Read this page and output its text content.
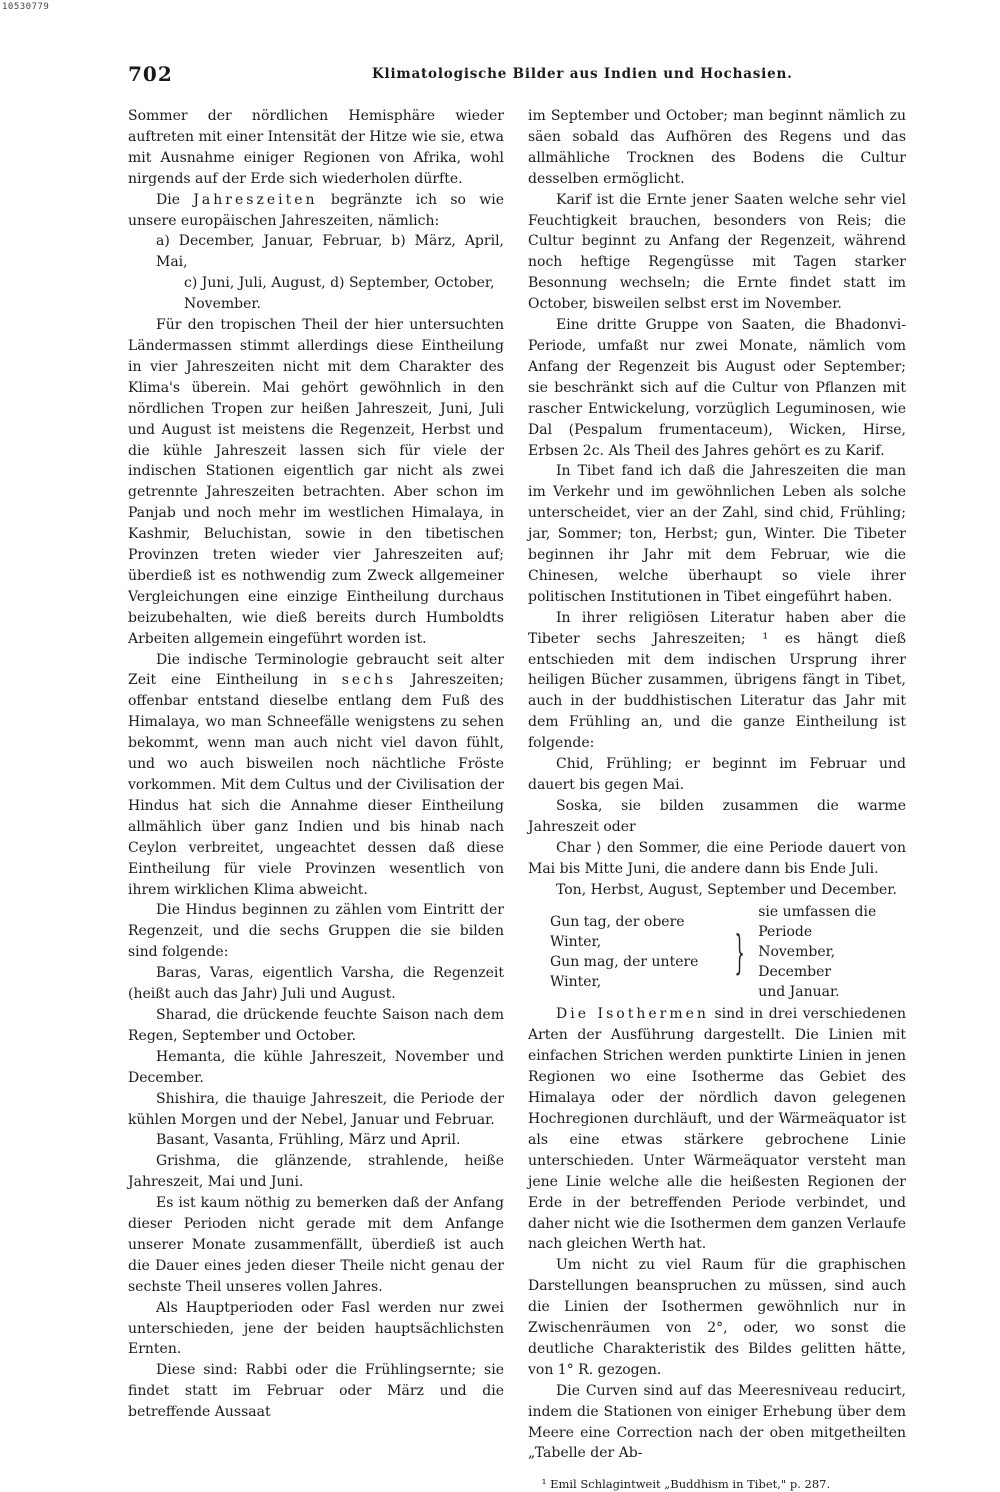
10530779
702	Klimatologische Bilder aus Indien und Hochasien.

Sommer der nördlichen Hemisphäre wieder auftreten mit einer Intensität der Hitze wie sie, etwa mit Ausnahme einiger Regionen von Afrika, wohl nirgends auf der Erde sich wiederholen dürfte.

Die Jahreszeiten begränzte ich so wie unsere europäischen Jahreszeiten, nämlich:

a) December, Januar, Februar, b) März, April, Mai,

c) Juni, Juli, August, d) September, October, November.

Für den tropischen Theil der hier untersuchten Ländermassen stimmt allerdings diese Eintheilung in vier Jahreszeiten nicht mit dem Charakter des Klima's überein. Mai gehört gewöhnlich in den nördlichen Tropen zur heißen Jahreszeit, Juni, Juli und August ist meistens die Regenzeit, Herbst und die kühle Jahreszeit lassen sich für viele der indischen Stationen eigentlich gar nicht als zwei getrennte Jahreszeiten betrachten. Aber schon im Panjab und noch mehr im westlichen Himalaya, in Kashmir, Beluchistan, sowie in den tibetischen Provinzen treten wieder vier Jahreszeiten auf; überdieß ist es nothwendig zum Zweck allgemeiner Vergleichungen eine einzige Eintheilung durchaus beizubehalten, wie dieß bereits durch Humboldts Arbeiten allgemein eingeführt worden ist.

Die indische Terminologie gebraucht seit alter Zeit eine Eintheilung in sechs Jahreszeiten; offenbar entstand dieselbe entlang dem Fuß des Himalaya, wo man Schneefälle wenigstens zu sehen bekommt, wenn man auch nicht viel davon fühlt, und wo auch bisweilen noch nächtliche Fröste vorkommen. Mit dem Cultus und der Civilisation der Hindus hat sich die Annahme dieser Eintheilung allmählich über ganz Indien und bis hinab nach Ceylon verbreitet, ungeachtet dessen daß diese Eintheilung für viele Provinzen wesentlich von ihrem wirklichen Klima abweicht.

Die Hindus beginnen zu zählen vom Eintritt der Regenzeit, und die sechs Gruppen die sie bilden sind folgende:

Baras, Varas, eigentlich Varsha, die Regenzeit (heißt auch das Jahr) Juli und August.

Sharad, die drückende feuchte Saison nach dem Regen, September und October.

Hemanta, die kühle Jahreszeit, November und December.

Shishira, die thauige Jahreszeit, die Periode der kühlen Morgen und der Nebel, Januar und Februar.

Basant, Vasanta, Frühling, März und April.

Grishma, die glänzende, strahlende, heiße Jahreszeit, Mai und Juni.

Es ist kaum nöthig zu bemerken daß der Anfang dieser Perioden nicht gerade mit dem Anfange unserer Monate zusammenfällt, überdieß ist auch die Dauer eines jeden dieser Theile nicht genau der sechste Theil unseres vollen Jahres.

Als Hauptperioden oder Fasl werden nur zwei unterschieden, jene der beiden hauptsächlichsten Ernten.

Diese sind: Rabbi oder die Frühlingsernte; sie findet statt im Februar oder März und die betreffende Aussaat

im September und October; man beginnt nämlich zu säen sobald das Aufhören des Regens und das allmähliche Trocknen des Bodens die Cultur desselben ermöglicht.

Karif ist die Ernte jener Saaten welche sehr viel Feuchtigkeit brauchen, besonders von Reis; die Cultur beginnt zu Anfang der Regenzeit, während noch heftige Regengüsse mit Tagen starker Besonnung wechseln; die Ernte findet statt im October, bisweilen selbst erst im November.

Eine dritte Gruppe von Saaten, die Bhadonvi-Periode, umfaßt nur zwei Monate, nämlich vom Anfang der Regenzeit bis August oder September; sie beschränkt sich auf die Cultur von Pflanzen mit rascher Entwickelung, vorzüglich Leguminosen, wie Dal (Pespalum frumentaceum), Wicken, Hirse, Erbsen 2c. Als Theil des Jahres gehört es zu Karif.

In Tibet fand ich daß die Jahreszeiten die man im Verkehr und im gewöhnlichen Leben als solche unterscheidet, vier an der Zahl, sind chid, Frühling; jar, Sommer; ton, Herbst; gun, Winter. Die Tibeter beginnen ihr Jahr mit dem Februar, wie die Chinesen, welche überhaupt so viele ihrer politischen Institutionen in Tibet eingeführt haben.

In ihrer religiösen Literatur haben aber die Tibeter sechs Jahreszeiten; ¹ es hängt dieß entschieden mit dem indischen Ursprung ihrer heiligen Bücher zusammen, übrigens fängt in Tibet, auch in der buddhistischen Literatur das Jahr mit dem Frühling an, und die ganze Eintheilung ist folgende:

Chid, Frühling; er beginnt im Februar und dauert bis gegen Mai.

Soska, sie bilden zusammen die warme Jahreszeit oder

Char ⟩ den Sommer, die eine Periode dauert von Mai bis Mitte Juni, die andere dann bis Ende Juli.

Ton, Herbst, August, September und December.

Gun tag, der obere Winter,
Gun mag, der untere Winter,
}
sie umfassen die Periode
November, December
und Januar.

Die Isothermen sind in drei verschiedenen Arten der Ausführung dargestellt. Die Linien mit einfachen Strichen werden punktirte Linien in jenen Regionen wo eine Isotherme das Gebiet des Himalaya oder der nördlich davon gelegenen Hochregionen durchläuft, und der Wärmeäquator ist als eine etwas stärkere gebrochene Linie unterschieden. Unter Wärmeäquator versteht man jene Linie welche alle die heißesten Regionen der Erde in der betreffenden Periode verbindet, und daher nicht wie die Isothermen dem ganzen Verlaufe nach gleichen Werth hat.

Um nicht zu viel Raum für die graphischen Darstellungen beanspruchen zu müssen, sind auch die Linien der Isothermen gewöhnlich nur in Zwischenräumen von 2°, oder, wo sonst die deutliche Charakteristik des Bildes gelitten hätte, von 1° R. gezogen.

Die Curven sind auf das Meeresniveau reducirt, indem die Stationen von einiger Erhebung über dem Meere eine Correction nach der oben mitgetheilten „Tabelle der Ab-

¹ Emil Schlagintweit „Buddhism in Tibet," p. 287.
